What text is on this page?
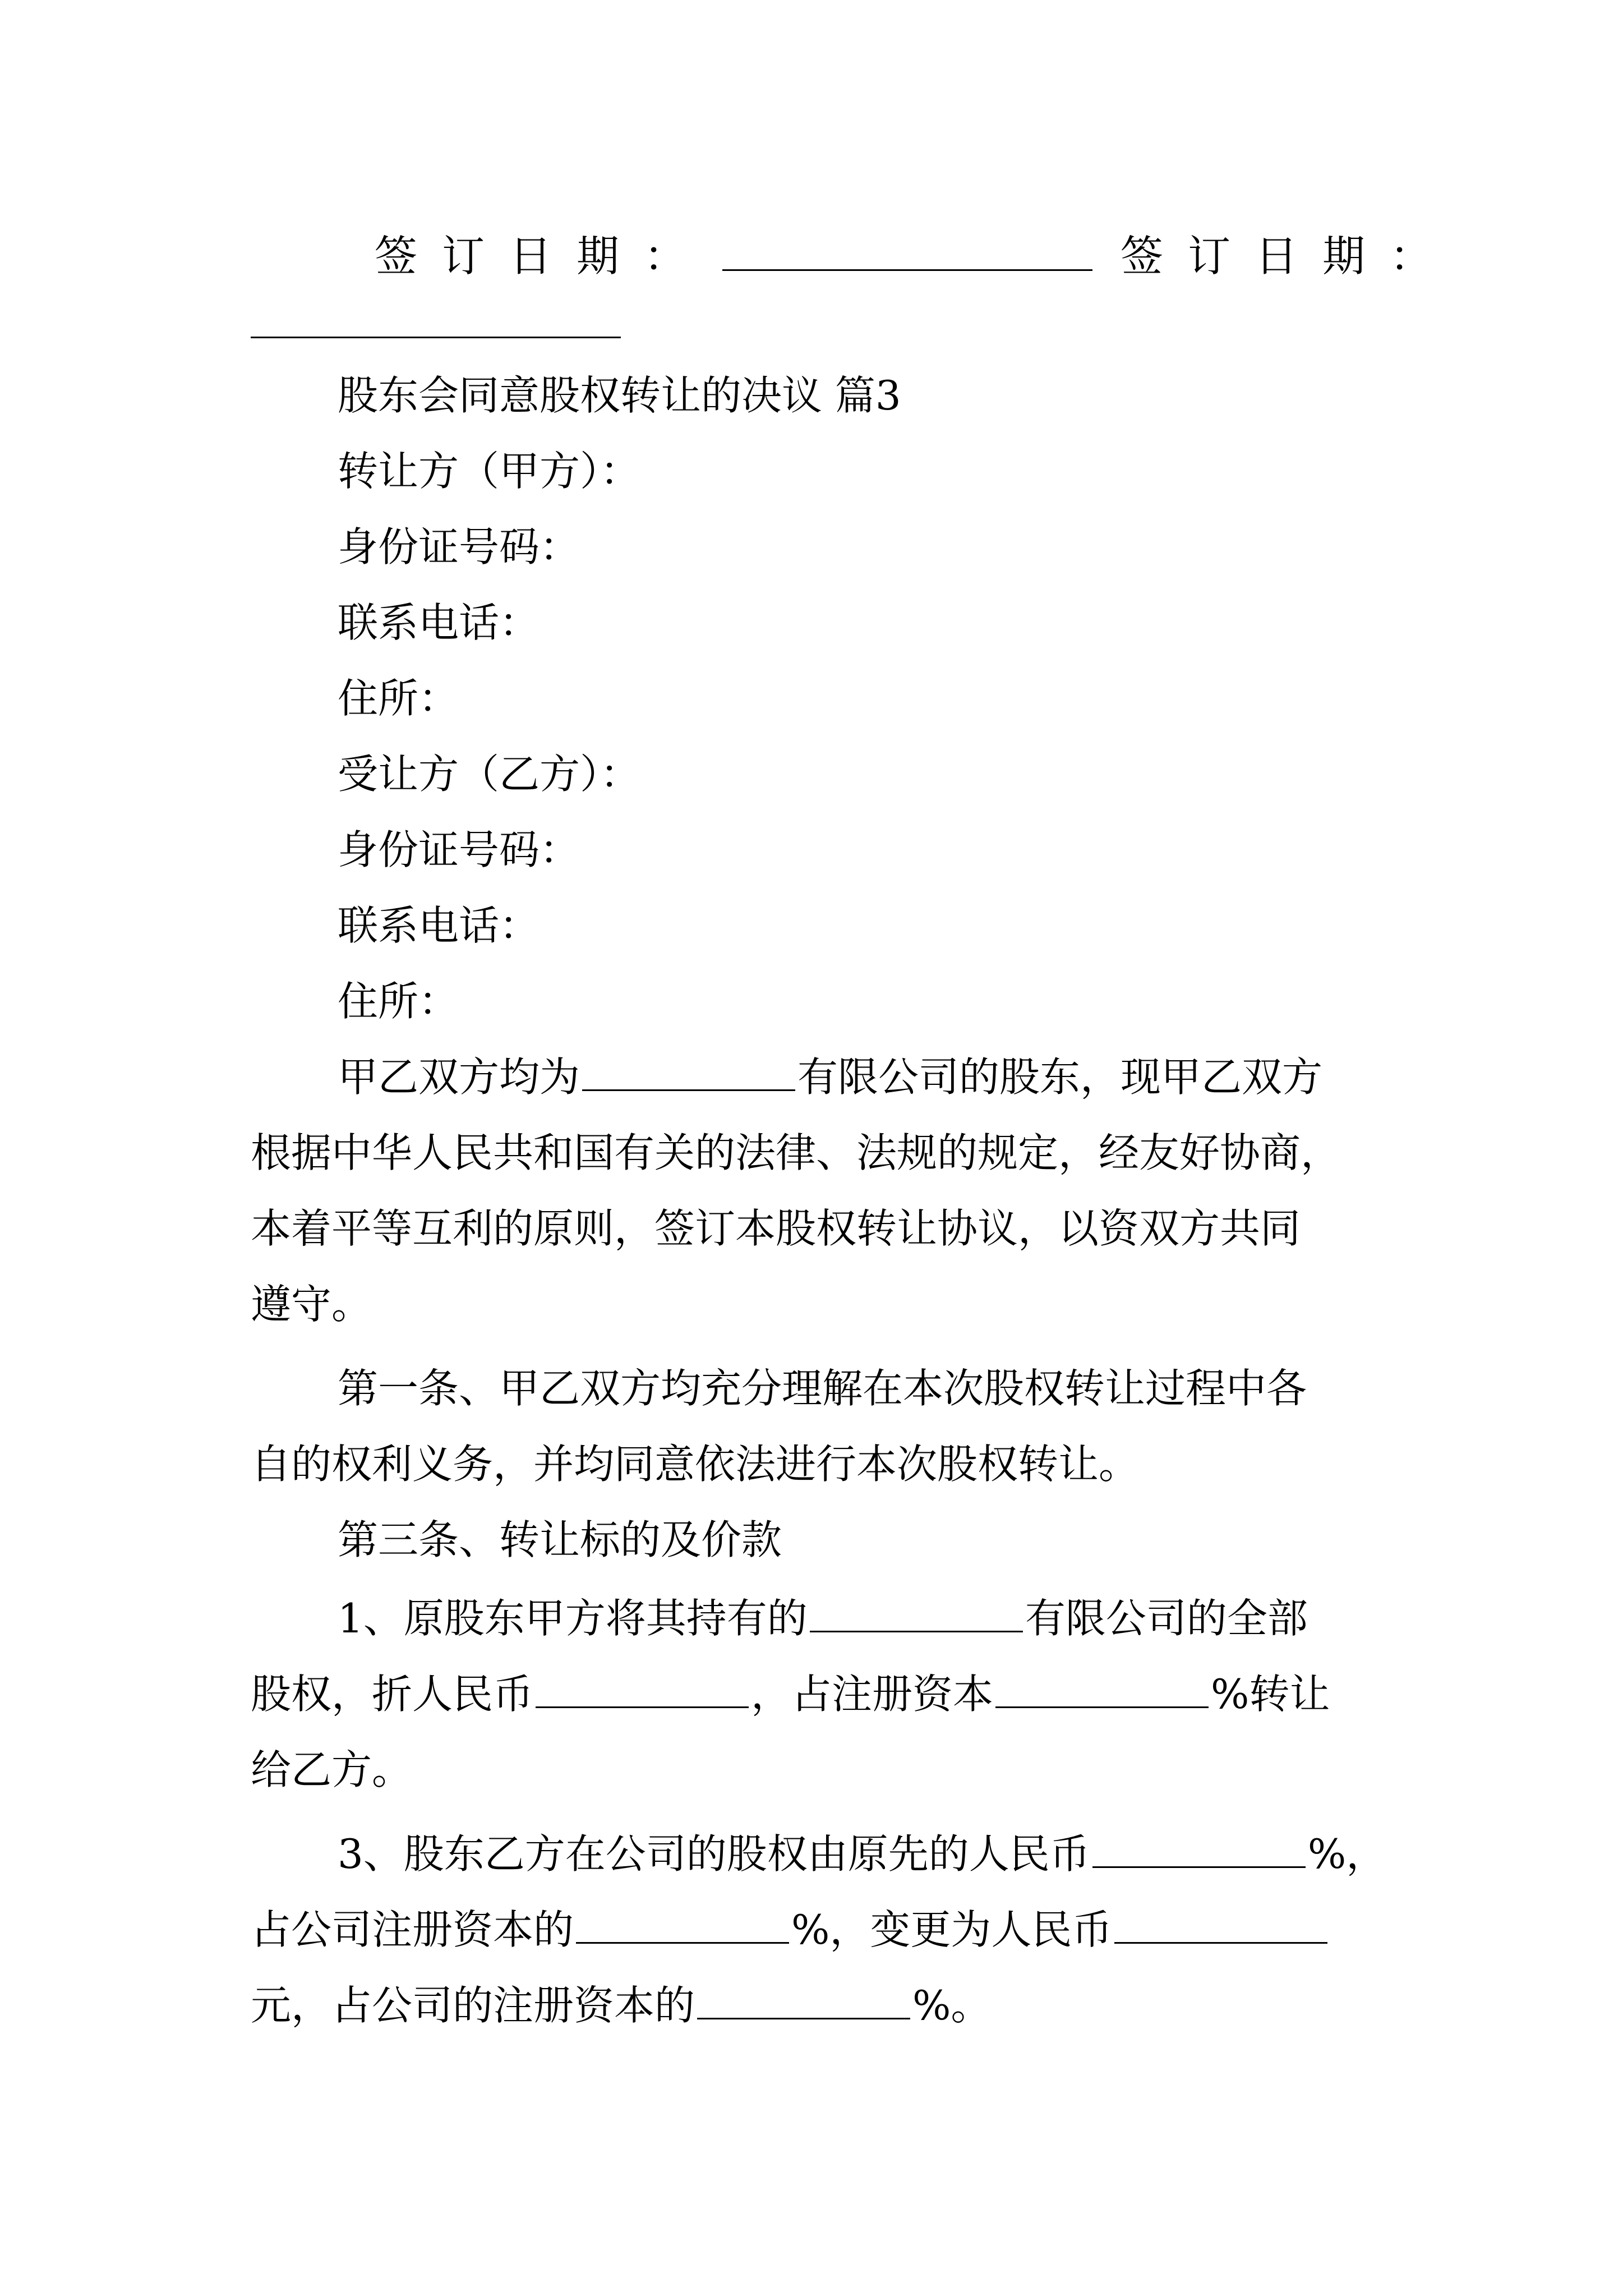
签订日期：	签订日期：

股东会同意股权转让的决议 篇3

转让方（甲方）：

身份证号码：

联系电话：

住所：

受让方（乙方）：

身份证号码：

联系电话：

住所：

甲乙双方均为	有限公司的股东，现甲乙双方

根据中华人民共和国有关的法律、法规的规定，经友好协商，

本着平等互利的原则，签订本股权转让协议，以资双方共同

遵守。

第一条、甲乙双方均充分理解在本次股权转让过程中各

自的权利义务，并均同意依法进行本次股权转让。

第三条、转让标的及价款

1、原股东甲方将其持有的	有限公司的全部

股权，折人民币	，占注册资本	%转让

给乙方。

3、股东乙方在公司的股权由原先的人民币	%，

占公司注册资本的	%，变更为人民币

元，占公司的注册资本的	%。
